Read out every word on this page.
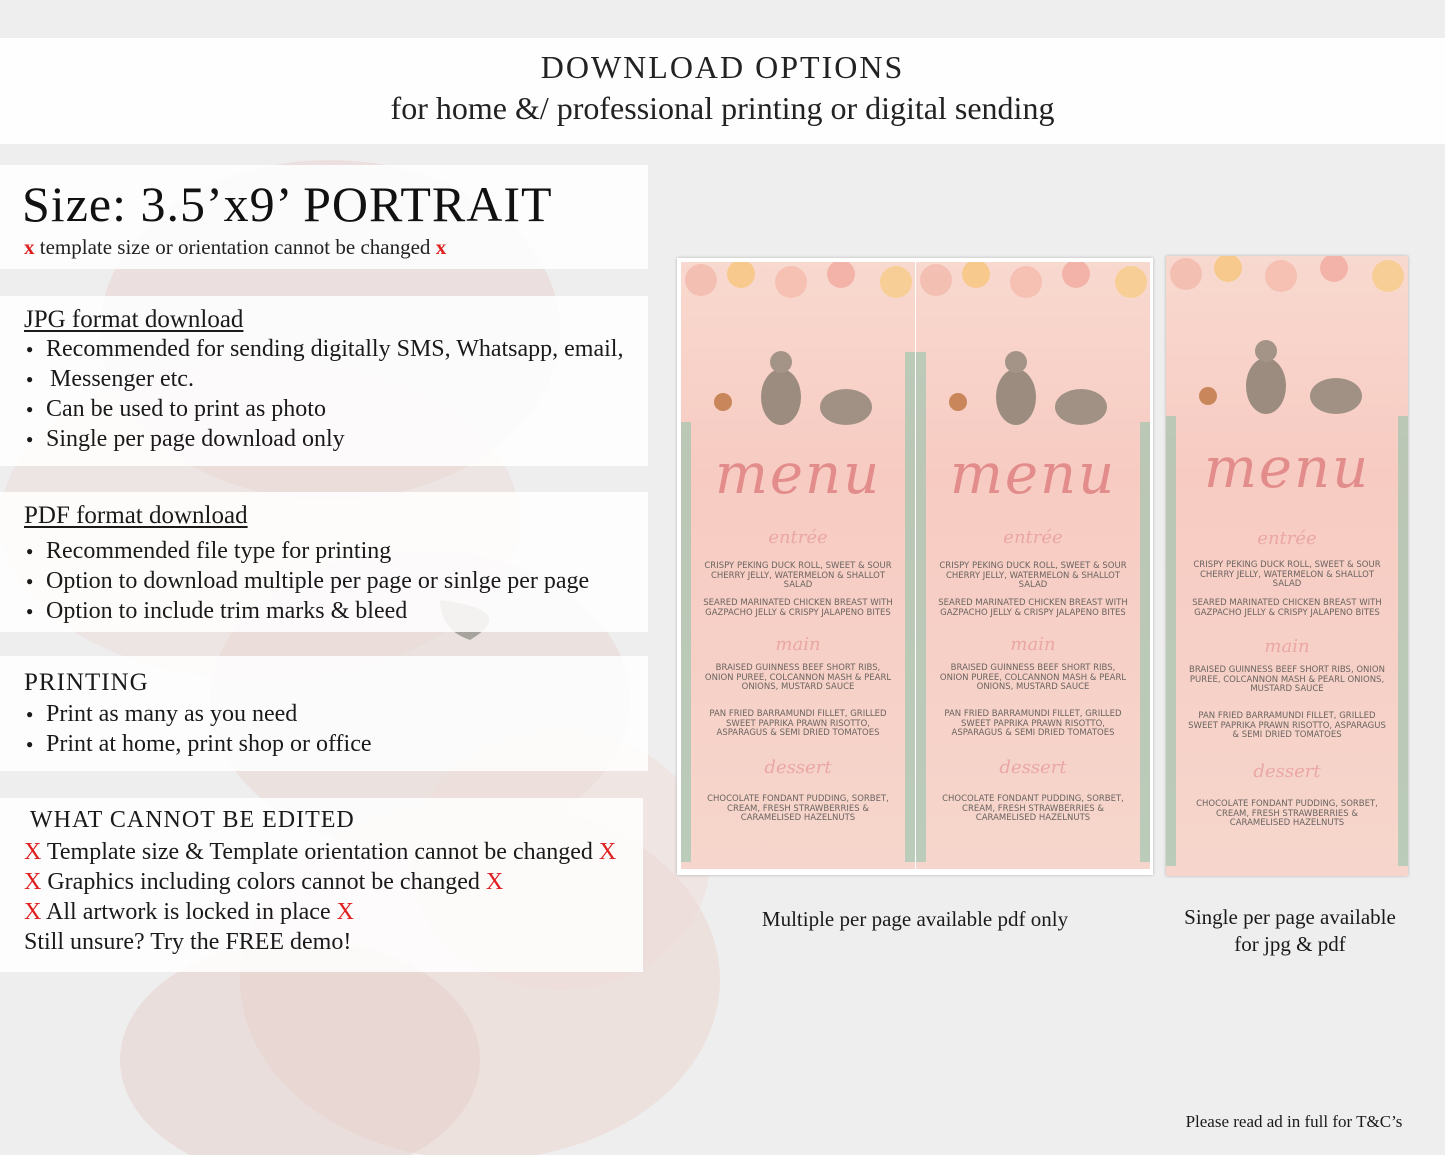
DOWNLOAD OPTIONS
for home &/ professional printing or digital sending
Size: 3.5’x9’ PORTRAIT
x template size or orientation cannot be changed x
JPG format download
● Recommended for sending digitally SMS, Whatsapp, email,
● Messenger etc.
● Can be used to print as photo
● Single per page download only
PDF format download
● Recommended file type for printing
● Option to download multiple per page or sinlge per page
● Option to include trim marks & bleed
PRINTING
● Print as many as you need
● Print at home, print shop or office
WHAT CANNOT BE EDITED
X Template size & Template orientation cannot be changed X
X Graphics including colors cannot be changed X
X All artwork is locked in place X
Still unsure? Try the FREE demo!
menu
entrée
CRISPY PEKING DUCK ROLL, SWEET & SOUR CHERRY JELLY, WATERMELON & SHALLOT SALAD
SEARED MARINATED CHICKEN BREAST WITH GAZPACHO JELLY & CRISPY JALAPENO BITES
main
BRAISED GUINNESS BEEF SHORT RIBS, ONION PUREE, COLCANNON MASH & PEARL ONIONS, MUSTARD SAUCE
PAN FRIED BARRAMUNDI FILLET, GRILLED SWEET PAPRIKA PRAWN RISOTTO, ASPARAGUS & SEMI DRIED TOMATOES
dessert
CHOCOLATE FONDANT PUDDING, SORBET, CREAM, FRESH STRAWBERRIES & CARAMELISED HAZELNUTS
menu
entrée
CRISPY PEKING DUCK ROLL, SWEET & SOUR CHERRY JELLY, WATERMELON & SHALLOT SALAD
SEARED MARINATED CHICKEN BREAST WITH GAZPACHO JELLY & CRISPY JALAPENO BITES
main
BRAISED GUINNESS BEEF SHORT RIBS, ONION PUREE, COLCANNON MASH & PEARL ONIONS, MUSTARD SAUCE
PAN FRIED BARRAMUNDI FILLET, GRILLED SWEET PAPRIKA PRAWN RISOTTO, ASPARAGUS & SEMI DRIED TOMATOES
dessert
CHOCOLATE FONDANT PUDDING, SORBET, CREAM, FRESH STRAWBERRIES & CARAMELISED HAZELNUTS
menu
entrée
CRISPY PEKING DUCK ROLL, SWEET & SOUR CHERRY JELLY, WATERMELON & SHALLOT SALAD
SEARED MARINATED CHICKEN BREAST WITH GAZPACHO JELLY & CRISPY JALAPENO BITES
main
BRAISED GUINNESS BEEF SHORT RIBS, ONION PUREE, COLCANNON MASH & PEARL ONIONS, MUSTARD SAUCE
PAN FRIED BARRAMUNDI FILLET, GRILLED SWEET PAPRIKA PRAWN RISOTTO, ASPARAGUS & SEMI DRIED TOMATOES
dessert
CHOCOLATE FONDANT PUDDING, SORBET, CREAM, FRESH STRAWBERRIES & CARAMELISED HAZELNUTS
Multiple per page available pdf only	Single per page available
for jpg & pdf
Please read ad in full for T&C’s
